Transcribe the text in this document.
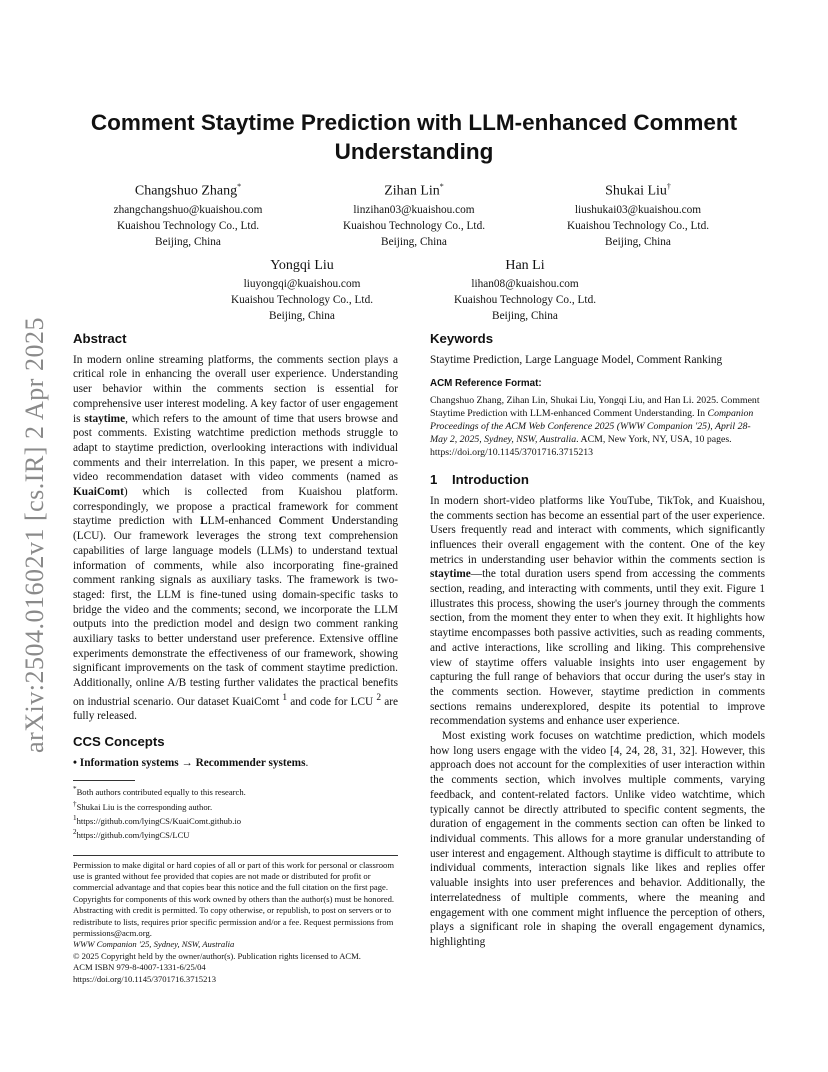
Comment Staytime Prediction with LLM-enhanced Comment Understanding
Changshuo Zhang*
zhangchangshuo@kuaishou.com
Kuaishou Technology Co., Ltd.
Beijing, China
Zihan Lin*
linzihan03@kuaishou.com
Kuaishou Technology Co., Ltd.
Beijing, China
Shukai Liu†
liushukai03@kuaishou.com
Kuaishou Technology Co., Ltd.
Beijing, China
Yongqi Liu
liuyongqi@kuaishou.com
Kuaishou Technology Co., Ltd.
Beijing, China
Han Li
lihan08@kuaishou.com
Kuaishou Technology Co., Ltd.
Beijing, China
arXiv:2504.01602v1 [cs.IR] 2 Apr 2025 Abstract

In modern online streaming platforms, the comments section plays a critical role in enhancing the overall user experience. Understanding user behavior within the comments section is essential for comprehensive user interest modeling. A key factor of user engagement is staytime, which refers to the amount of time that users browse and post comments. Existing watchtime prediction methods struggle to adapt to staytime prediction, overlooking interactions with individual comments and their interrelation. In this paper, we present a micro-video recommendation dataset with video comments (named as KuaiComt) which is collected from Kuaishou platform. correspondingly, we propose a practical framework for comment staytime prediction with LLM-enhanced Comment Understanding (LCU). Our framework leverages the strong text comprehension capabilities of large language models (LLMs) to understand textual information of comments, while also incorporating fine-grained comment ranking signals as auxiliary tasks. The framework is two-staged: first, the LLM is fine-tuned using domain-specific tasks to bridge the video and the comments; second, we incorporate the LLM outputs into the prediction model and design two comment ranking auxiliary tasks to better understand user preference. Extensive offline experiments demonstrate the effectiveness of our framework, showing significant improvements on the task of comment staytime prediction. Additionally, online A/B testing further validates the practical benefits on industrial scenario. Our dataset KuaiComt $^1$ and code for LCU $^2$ are fully released.

CCS Concepts
• Information systems → Recommender systems.
*Both authors contributed equally to this research.
†Shukai Liu is the corresponding author.
$^1$https://github.com/lyingCS/KuaiComt.github.io
$^2$https://github.com/lyingCS/LCU
Permission to make digital or hard copies of all or part of this work for personal or classroom use is granted without fee provided that copies are not made or distributed for profit or commercial advantage and that copies bear this notice and the full citation on the first page. Copyrights for components of this work owned by others than the author(s) must be honored. Abstracting with credit is permitted. To copy otherwise, or republish, to post on servers or to redistribute to lists, requires prior specific permission and/or a fee. Request permissions from permissions@acm.org.
WWW Companion '25, Sydney, NSW, Australia
© 2025 Copyright held by the owner/author(s). Publication rights licensed to ACM.
ACM ISBN 979-8-4007-1331-6/25/04
https://doi.org/10.1145/3701716.3715213
Keywords

Staytime Prediction, Large Language Model, Comment Ranking

ACM Reference Format:
Changshuo Zhang, Zihan Lin, Shukai Liu, Yongqi Liu, and Han Li. 2025. Comment Staytime Prediction with LLM-enhanced Comment Understanding. In Companion Proceedings of the ACM Web Conference 2025 (WWW Companion '25), April 28-May 2, 2025, Sydney, NSW, Australia. ACM, New York, NY, USA, 10 pages. https://doi.org/10.1145/3701716.3715213
1 Introduction

In modern short-video platforms like YouTube, TikTok, and Kuaishou, the comments section has become an essential part of the user experience. Users frequently read and interact with comments, which significantly influences their overall engagement with the content. One of the key metrics in understanding user behavior within the comments section is staytime—the total duration users spend from accessing the comments section, reading, and interacting with comments, until they exit. Figure 1 illustrates this process, showing the user's journey through the comments section, from the moment they enter to when they exit. It highlights how staytime encompasses both passive activities, such as reading comments, and active interactions, like scrolling and liking. This comprehensive view of staytime offers valuable insights into user engagement by capturing the full range of behaviors that occur during the user's stay in the comments section. However, staytime prediction in comments sections remains underexplored, despite its potential to improve recommendation systems and enhance user experience.

Most existing work focuses on watchtime prediction, which models how long users engage with the video [4, 24, 28, 31, 32]. However, this approach does not account for the complexities of user interaction within the comments section, which involves multiple comments, varying feedback, and content-related factors. Unlike video watchtime, which typically cannot be directly attributed to specific content segments, the duration of engagement in the comments section can often be linked to individual comments. This allows for a more granular understanding of user interest and engagement. Although staytime is difficult to attribute to individual comments, interaction signals like likes and replies offer valuable insights into user preferences and behavior. Additionally, the interrelatedness of multiple comments, where the meaning and engagement with one comment might influence the perception of others, plays a significant role in shaping the overall engagement dynamics, highlighting
